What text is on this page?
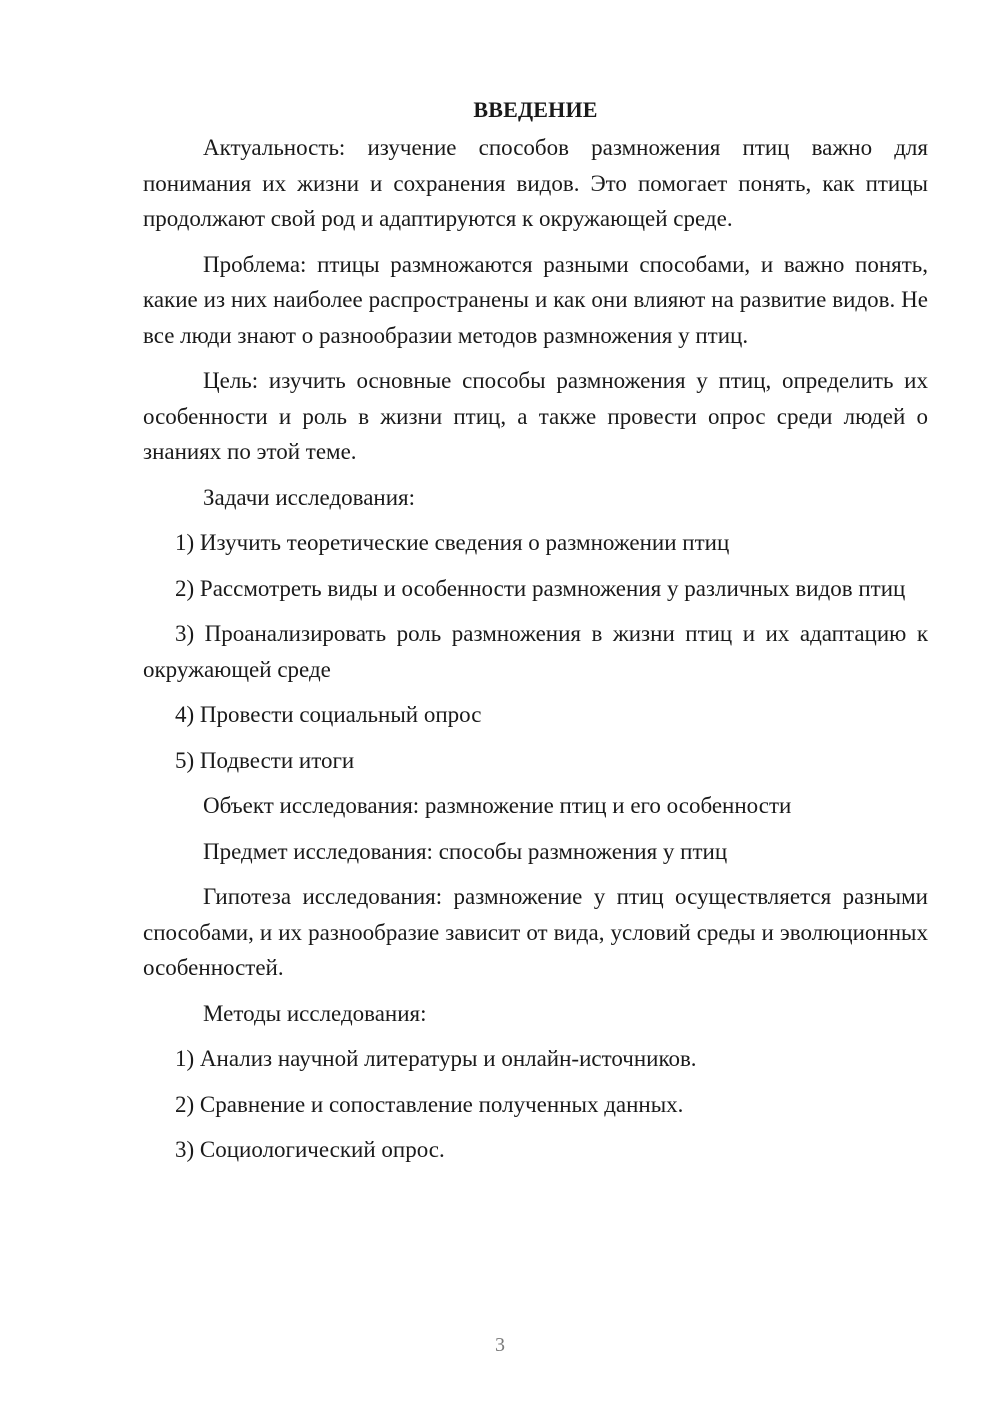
ВВЕДЕНИЕ
Актуальность: изучение способов размножения птиц важно для понимания их жизни и сохранения видов. Это помогает понять, как птицы продолжают свой род и адаптируются к окружающей среде.
Проблема: птицы размножаются разными способами, и важно понять, какие из них наиболее распространены и как они влияют на развитие видов. Не все люди знают о разнообразии методов размножения у птиц.
Цель: изучить основные способы размножения у птиц, определить их особенности и роль в жизни птиц, а также провести опрос среди людей о знаниях по этой теме.
Задачи исследования:
1) Изучить теоретические сведения о размножении птиц
2) Рассмотреть виды и особенности размножения у различных видов птиц
3) Проанализировать роль размножения в жизни птиц и их адаптацию к окружающей среде
4) Провести социальный опрос
5) Подвести итоги
Объект исследования: размножение птиц и его особенности
Предмет исследования: способы размножения у птиц
Гипотеза исследования: размножение у птиц осуществляется разными способами, и их разнообразие зависит от вида, условий среды и эволюционных особенностей.
Методы исследования:
1) Анализ научной литературы и онлайн-источников.
2) Сравнение и сопоставление полученных данных.
3) Социологический опрос.
3
